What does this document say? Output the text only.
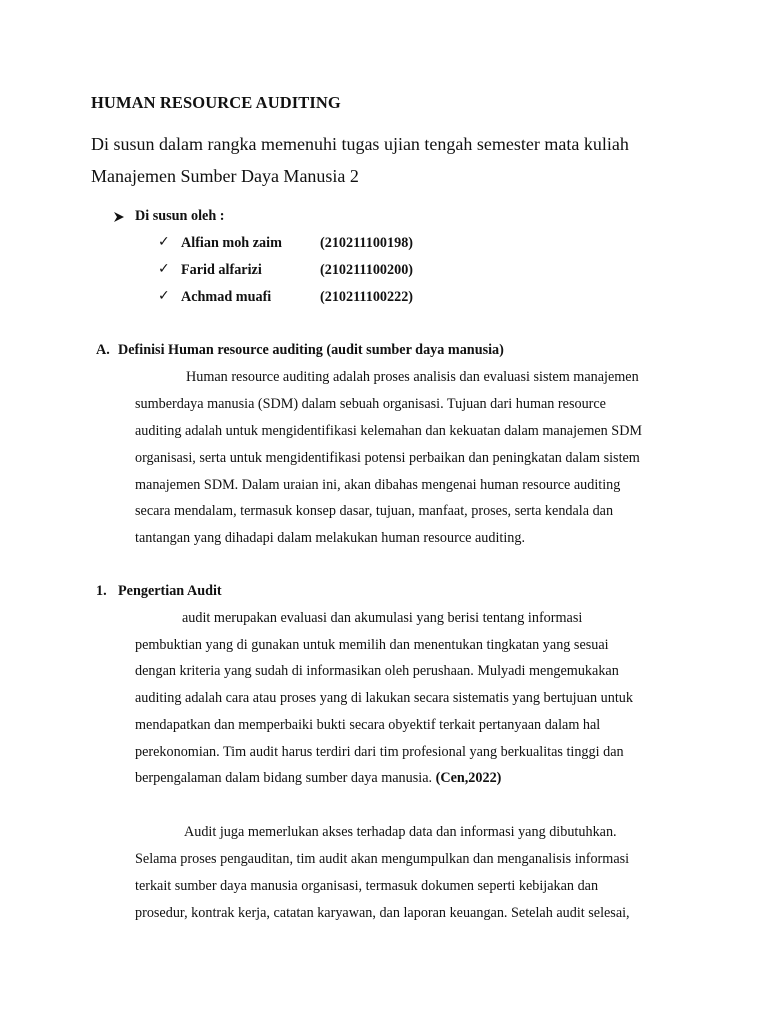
HUMAN RESOURCE AUDITING
Di susun dalam rangka memenuhi tugas ujian tengah semester mata kuliah
Manajemen Sumber Daya Manusia 2
Di susun oleh :
✓ Alfian moh zaim	(210211100198)
✓ Farid alfarizi	(210211100200)
✓ Achmad muafi	(210211100222)
A. Definisi Human resource auditing (audit sumber daya manusia)
Human resource auditing adalah proses analisis dan evaluasi sistem manajemen
sumberdaya manusia (SDM) dalam sebuah organisasi. Tujuan dari human resource
auditing adalah untuk mengidentifikasi kelemahan dan kekuatan dalam manajemen SDM
organisasi, serta untuk mengidentifikasi potensi perbaikan dan peningkatan dalam sistem
manajemen SDM. Dalam uraian ini, akan dibahas mengenai human resource auditing
secara mendalam, termasuk konsep dasar, tujuan, manfaat, proses, serta kendala dan
tantangan yang dihadapi dalam melakukan human resource auditing.
1. Pengertian Audit
audit merupakan evaluasi dan akumulasi yang berisi tentang informasi
pembuktian yang di gunakan untuk memilih dan menentukan tingkatan yang sesuai
dengan kriteria yang sudah di informasikan oleh perushaan. Mulyadi mengemukakan
auditing adalah cara atau proses yang di lakukan secara sistematis yang bertujuan untuk
mendapatkan dan memperbaiki bukti secara obyektif terkait pertanyaan dalam hal
perekonomian. Tim audit harus terdiri dari tim profesional yang berkualitas tinggi dan
berpengalaman dalam bidang sumber daya manusia. (Cen,2022)
Audit juga memerlukan akses terhadap data dan informasi yang dibutuhkan.
Selama proses pengauditan, tim audit akan mengumpulkan dan menganalisis informasi
terkait sumber daya manusia organisasi, termasuk dokumen seperti kebijakan dan
prosedur, kontrak kerja, catatan karyawan, dan laporan keuangan. Setelah audit selesai,
